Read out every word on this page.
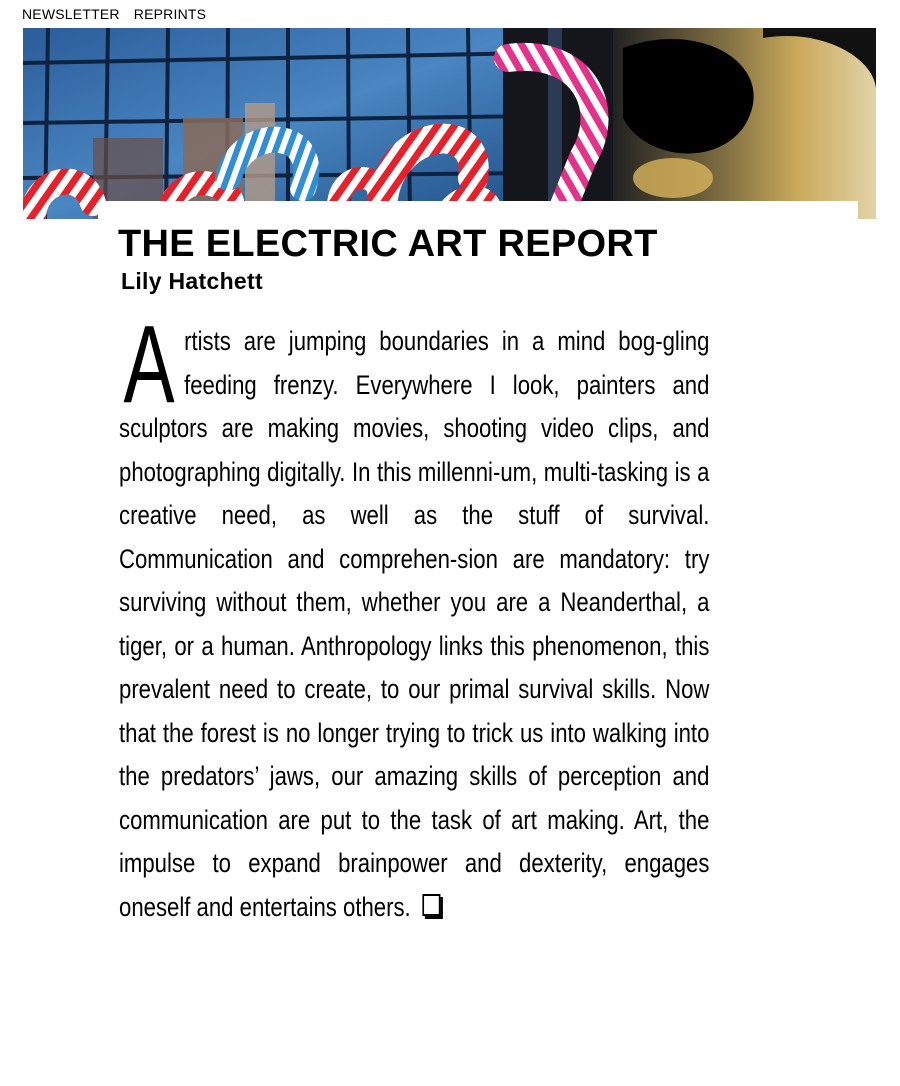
NEWSLETTER REPRINTS
THE ELECTRIC ART REPORT
Lily Hatchett

Artists are jumping boundaries in a mind bog-gling feeding frenzy. Everywhere I look, painters and sculptors are making movies, shooting video clips, and photographing digitally. In this millenni-um, multi-tasking is a creative need, as well as the stuff of survival. Communication and comprehen-sion are mandatory: try surviving without them, whether you are a Neanderthal, a tiger, or a human. Anthropology links this phenomenon, this prevalent need to create, to our primal survival skills. Now that the forest is no longer trying to trick us into walking into the predators’ jaws, our amazing skills of perception and communication are put to the task of art making. Art, the impulse to expand brainpower and dexterity, engages oneself and entertains others.
